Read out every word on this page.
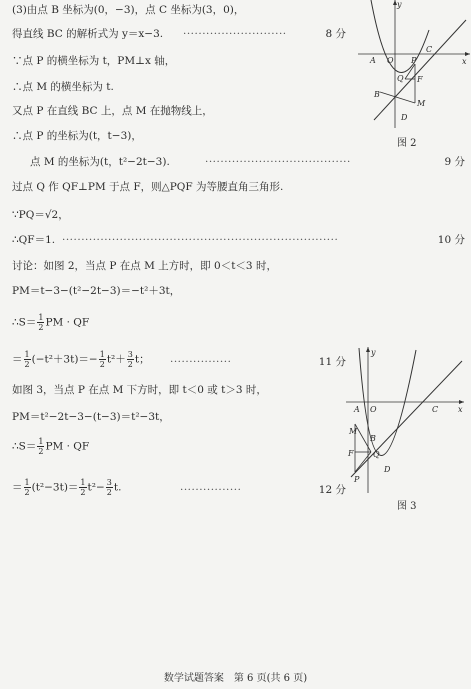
(3)由点 B 坐标为(0，−3)，点 C 坐标为(3，0)，
得直线 BC 的解析式为 y＝x−3. ···························	8 分
∵点 P 的横坐标为 t，PM⊥x 轴，
∴点 M 的横坐标为 t.
又点 P 在直线 BC 上，点 M 在抛物线上，
∴点 P 的坐标为(t，t−3)，
点 M 的坐标为(t，t²−2t−3).	······································	9 分
过点 Q 作 QF⊥PM 于点 F，则△PQF 为等腰直角三角形.
∵PQ＝√2，
∴QF＝1. ········································································	10 分
讨论：如图 2，当点 P 在点 M 上方时，即 0＜t＜3 时，
PM＝t−3−(t²−2t−3)＝−t²＋3t，
∴S＝ $\frac{1}{2}$ PM · QF
＝ $\frac{1}{2} (-t^2+3t)=- \frac{1}{2} t^2+ \frac{3}{2}$ t； ················	11 分
如图 3，当点 P 在点 M 下方时，即 t＜0 或 t＞3 时，
PM＝t²−2t−3−(t−3)＝t²−3t，
∴S＝ $\frac{1}{2}$ PM · QF
＝ $\frac{1}{2} (t^2-3t)= \frac{1}{2} t^2- \frac{3}{2} t$.	················	12 分
y
x
O
A
C
B
P
Q F
M
D
图 2
y
x
O
A	C
M
F Q
P
B
D
图 3
数学试题答案　第 6 页(共 6 页)
